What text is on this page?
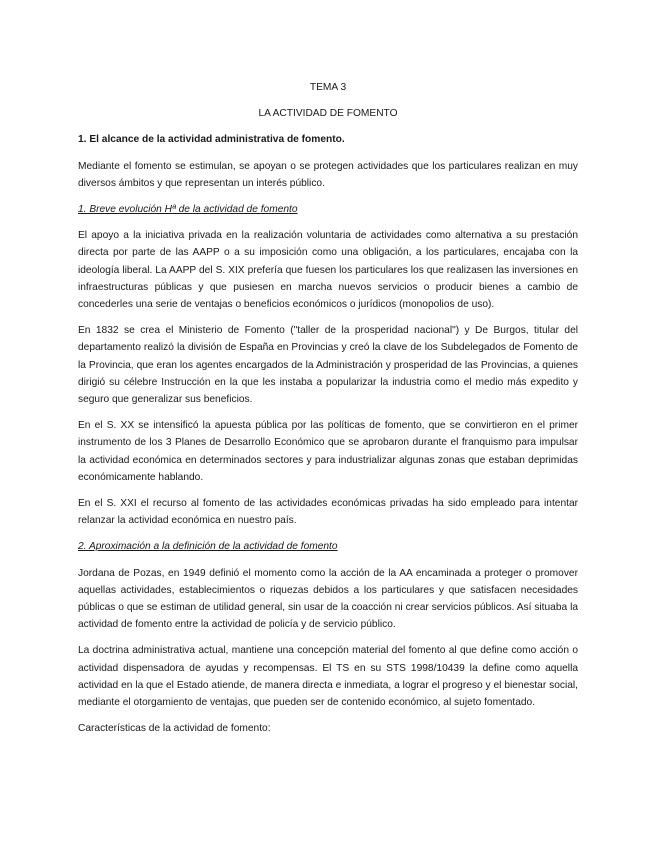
TEMA 3
LA ACTIVIDAD DE FOMENTO
1. El alcance de la actividad administrativa de fomento.

Mediante el fomento se estimulan, se apoyan o se protegen actividades que los particulares realizan en muy diversos ámbitos y que representan un interés público.

1. Breve evolución Hª de la actividad de fomento

El apoyo a la iniciativa privada en la realización voluntaria de actividades como alternativa a su prestación directa por parte de las AAPP o a su imposición como una obligación, a los particulares, encajaba con la ideología liberal. La AAPP del S. XIX prefería que fuesen los particulares los que realizasen las inversiones en infraestructuras públicas y que pusiesen en marcha nuevos servicios o producir bienes a cambio de concederles una serie de ventajas o beneficios económicos o jurídicos (monopolios de uso).

En 1832 se crea el Ministerio de Fomento ("taller de la prosperidad nacional") y De Burgos, titular del departamento realizó la división de España en Provincias y creó la clave de los Subdelegados de Fomento de la Provincia, que eran los agentes encargados de la Administración y prosperidad de las Provincias, a quienes dirigió su célebre Instrucción en la que les instaba a popularizar la industria como el medio más expedito y seguro que generalizar sus beneficios.

En el S. XX se intensificó la apuesta pública por las políticas de fomento, que se convirtieron en el primer instrumento de los 3 Planes de Desarrollo Económico que se aprobaron durante el franquismo para impulsar la actividad económica en determinados sectores y para industrializar algunas zonas que estaban deprimidas económicamente hablando.

En el S. XXI el recurso al fomento de las actividades económicas privadas ha sido empleado para intentar relanzar la actividad económica en nuestro país.

2. Aproximación a la definición de la actividad de fomento

Jordana de Pozas, en 1949 definió el momento como la acción de la AA encaminada a proteger o promover aquellas actividades, establecimientos o riquezas debidos a los particulares y que satisfacen necesidades públicas o que se estiman de utilidad general, sin usar de la coacción ni crear servicios públicos. Así situaba la actividad de fomento entre la actividad de policía y de servicio público.

La doctrina administrativa actual, mantiene una concepción material del fomento al que define como acción o actividad dispensadora de ayudas y recompensas. El TS en su STS 1998/10439 la define como aquella actividad en la que el Estado atiende, de manera directa e inmediata, a lograr el progreso y el bienestar social, mediante el otorgamiento de ventajas, que pueden ser de contenido económico, al sujeto fomentado.

Características de la actividad de fomento:
